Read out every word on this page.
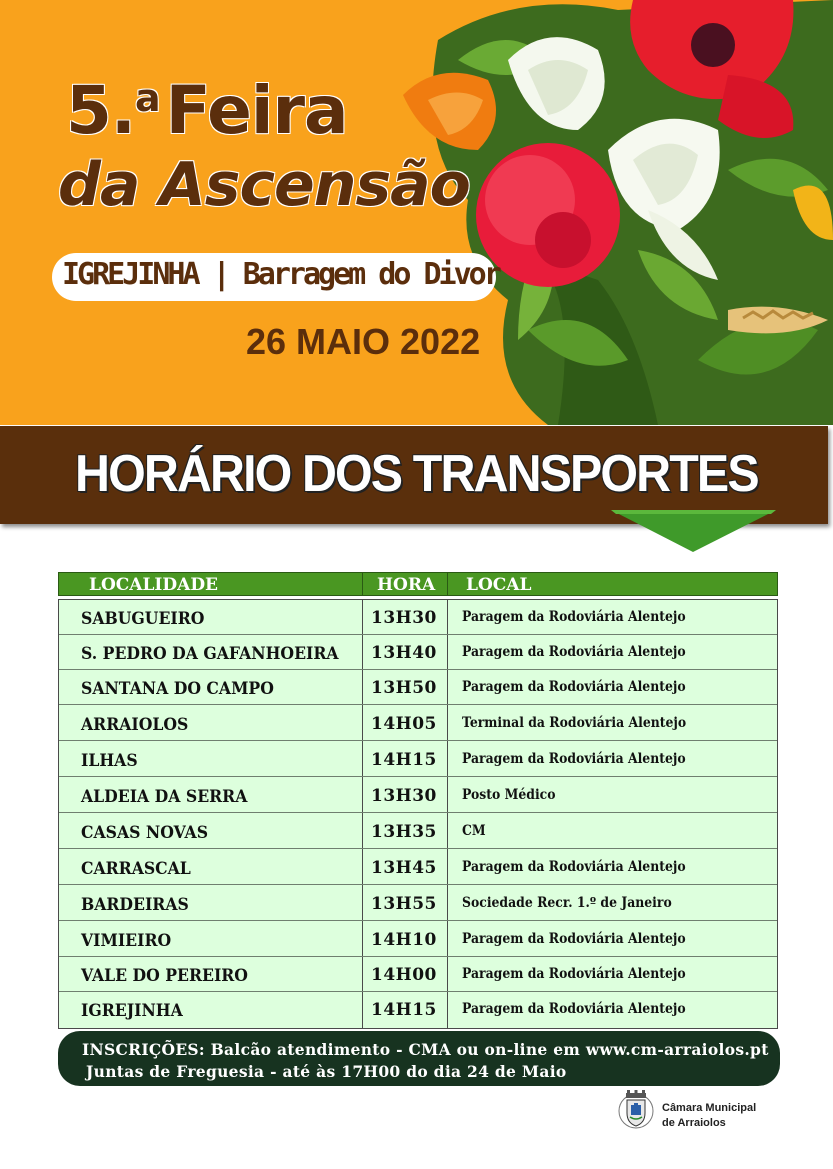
5.$^a$Feira
da Ascensão
IGREJINHA | Barragem do Divor
26 MAIO 2022
HORÁRIO DOS TRANSPORTES
LOCALIDADE	HORA LOCAL
SABUGUEIRO	13H30 Paragem da Rodoviária Alentejo
S. PEDRO DA GAFANHOEIRA 13H40 Paragem da Rodoviária Alentejo
SANTANA DO CAMPO	13H50 Paragem da Rodoviária Alentejo
ARRAIOLOS	14H05 Terminal da Rodoviária Alentejo
ILHAS	14H15 Paragem da Rodoviária Alentejo
ALDEIA DA SERRA	13H30 Posto Médico
CASAS NOVAS	13H35 CM
CARRASCAL	13H45 Paragem da Rodoviária Alentejo
BARDEIRAS	13H55 Sociedade Recr. 1.º de Janeiro
VIMIEIRO	14H10 Paragem da Rodoviária Alentejo
VALE DO PEREIRO	14H00 Paragem da Rodoviária Alentejo
IGREJINHA	14H15 Paragem da Rodoviária Alentejo
INSCRIÇÕES: Balcão atendimento - CMA ou on-line em www.cm-arraiolos.pt
Juntas de Freguesia - até às 17H00 do dia 24 de Maio
Câmara Municipal
de Arraiolos
